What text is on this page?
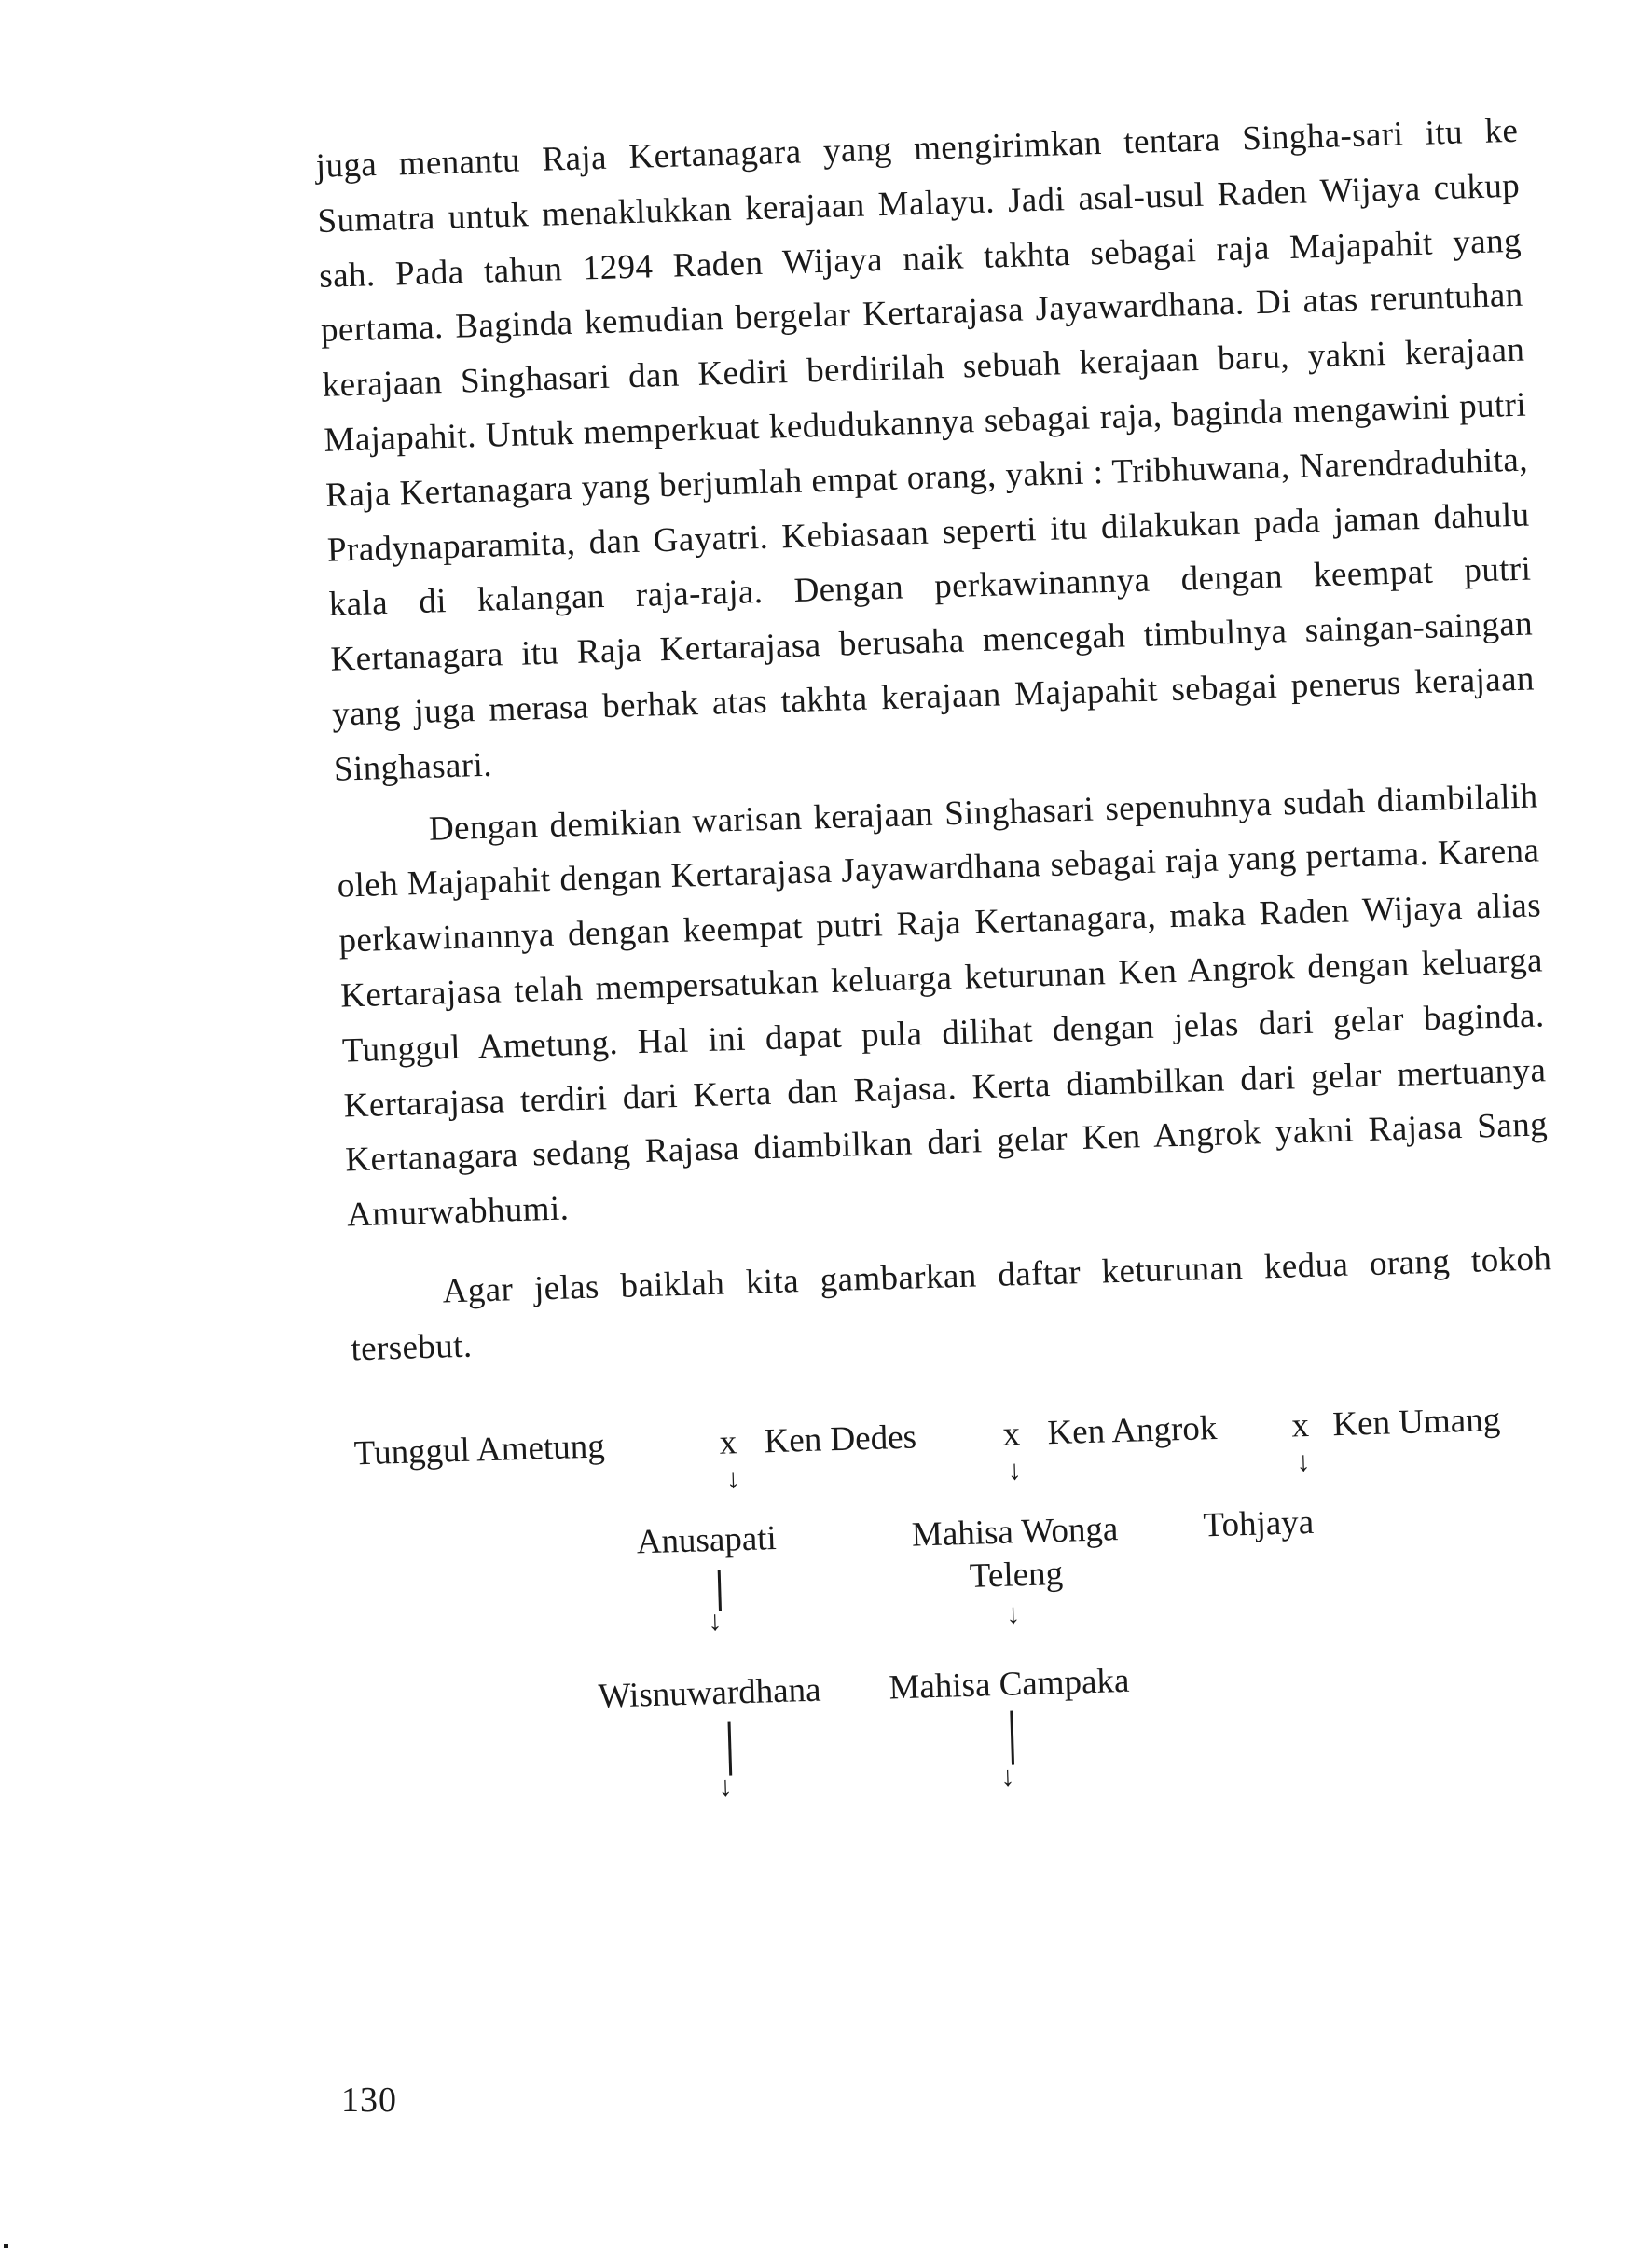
juga menantu Raja Kertanagara yang mengirimkan tentara Singha-sari itu ke Sumatra untuk menaklukkan kerajaan Malayu. Jadi asal-usul Raden Wijaya cukup sah. Pada tahun 1294 Raden Wijaya naik takhta sebagai raja Majapahit yang pertama. Baginda kemudian bergelar Kertarajasa Jayawardhana. Di atas reruntuhan kerajaan Singhasari dan Kediri berdirilah sebuah kerajaan baru, yakni kerajaan Majapahit. Untuk memperkuat kedudukannya sebagai raja, baginda mengawini putri Raja Kertanagara yang berjumlah empat orang, yakni : Tribhuwana, Narendraduhita, Pradynaparamita, dan Gayatri. Kebiasaan seperti itu dilakukan pada jaman dahulu kala di kalangan raja-raja. Dengan perkawinannya dengan keempat putri Kertanagara itu Raja Kertarajasa berusaha mencegah timbulnya saingan-saingan yang juga merasa berhak atas takhta kerajaan Majapahit sebagai penerus kerajaan Singhasari.

Dengan demikian warisan kerajaan Singhasari sepenuhnya sudah diambilalih oleh Majapahit dengan Kertarajasa Jayawardhana sebagai raja yang pertama. Karena perkawinannya dengan keempat putri Raja Kertanagara, maka Raden Wijaya alias Kertarajasa telah mempersatukan keluarga keturunan Ken Angrok dengan keluarga Tunggul Ametung. Hal ini dapat pula dilihat dengan jelas dari gelar baginda. Kertarajasa terdiri dari Kerta dan Rajasa. Kerta diambilkan dari gelar mertuanya Kertanagara sedang Rajasa diambilkan dari gelar Ken Angrok yakni Rajasa Sang Amurwabhumi.

Agar jelas baiklah kita gambarkan daftar keturunan kedua orang tokoh tersebut.

Tunggul Ametung	x Ken Dedes x Ken Angrok x Ken Umang
↓	↓	↓
Anusapati	Mahisa Wonga Teleng
Tohjaya
↓	↓
Wisnuwardhana Mahisa Campaka
↓	↓
130
